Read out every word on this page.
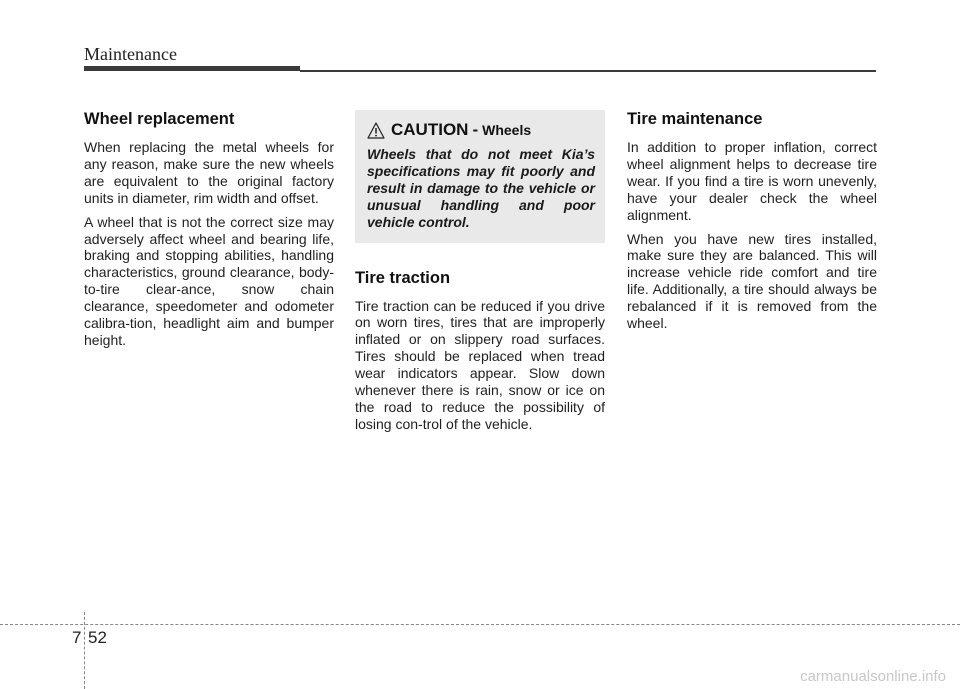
Maintenance
Wheel replacement

When replacing the metal wheels for any reason, make sure the new wheels are equivalent to the original factory units in diameter, rim width and offset.

A wheel that is not the correct size may adversely affect wheel and bearing life, braking and stopping abilities, handling characteristics, ground clearance, body-to-tire clear-ance, snow chain clearance, speedometer and odometer calibra-tion, headlight aim and bumper height.

CAUTION - Wheels

Wheels that do not meet Kia’s specifications may fit poorly and result in damage to the vehicle or unusual handling and poor vehicle control.

Tire traction

Tire traction can be reduced if you drive on worn tires, tires that are improperly inflated or on slippery road surfaces. Tires should be replaced when tread wear indicators appear. Slow down whenever there is rain, snow or ice on the road to reduce the possibility of losing con-trol of the vehicle.

Tire maintenance

In addition to proper inflation, correct wheel alignment helps to decrease tire wear. If you find a tire is worn unevenly, have your dealer check the wheel alignment.

When you have new tires installed, make sure they are balanced. This will increase vehicle ride comfort and tire life. Additionally, a tire should always be rebalanced if it is removed from the wheel.

7 52
carmanualsonline.info
